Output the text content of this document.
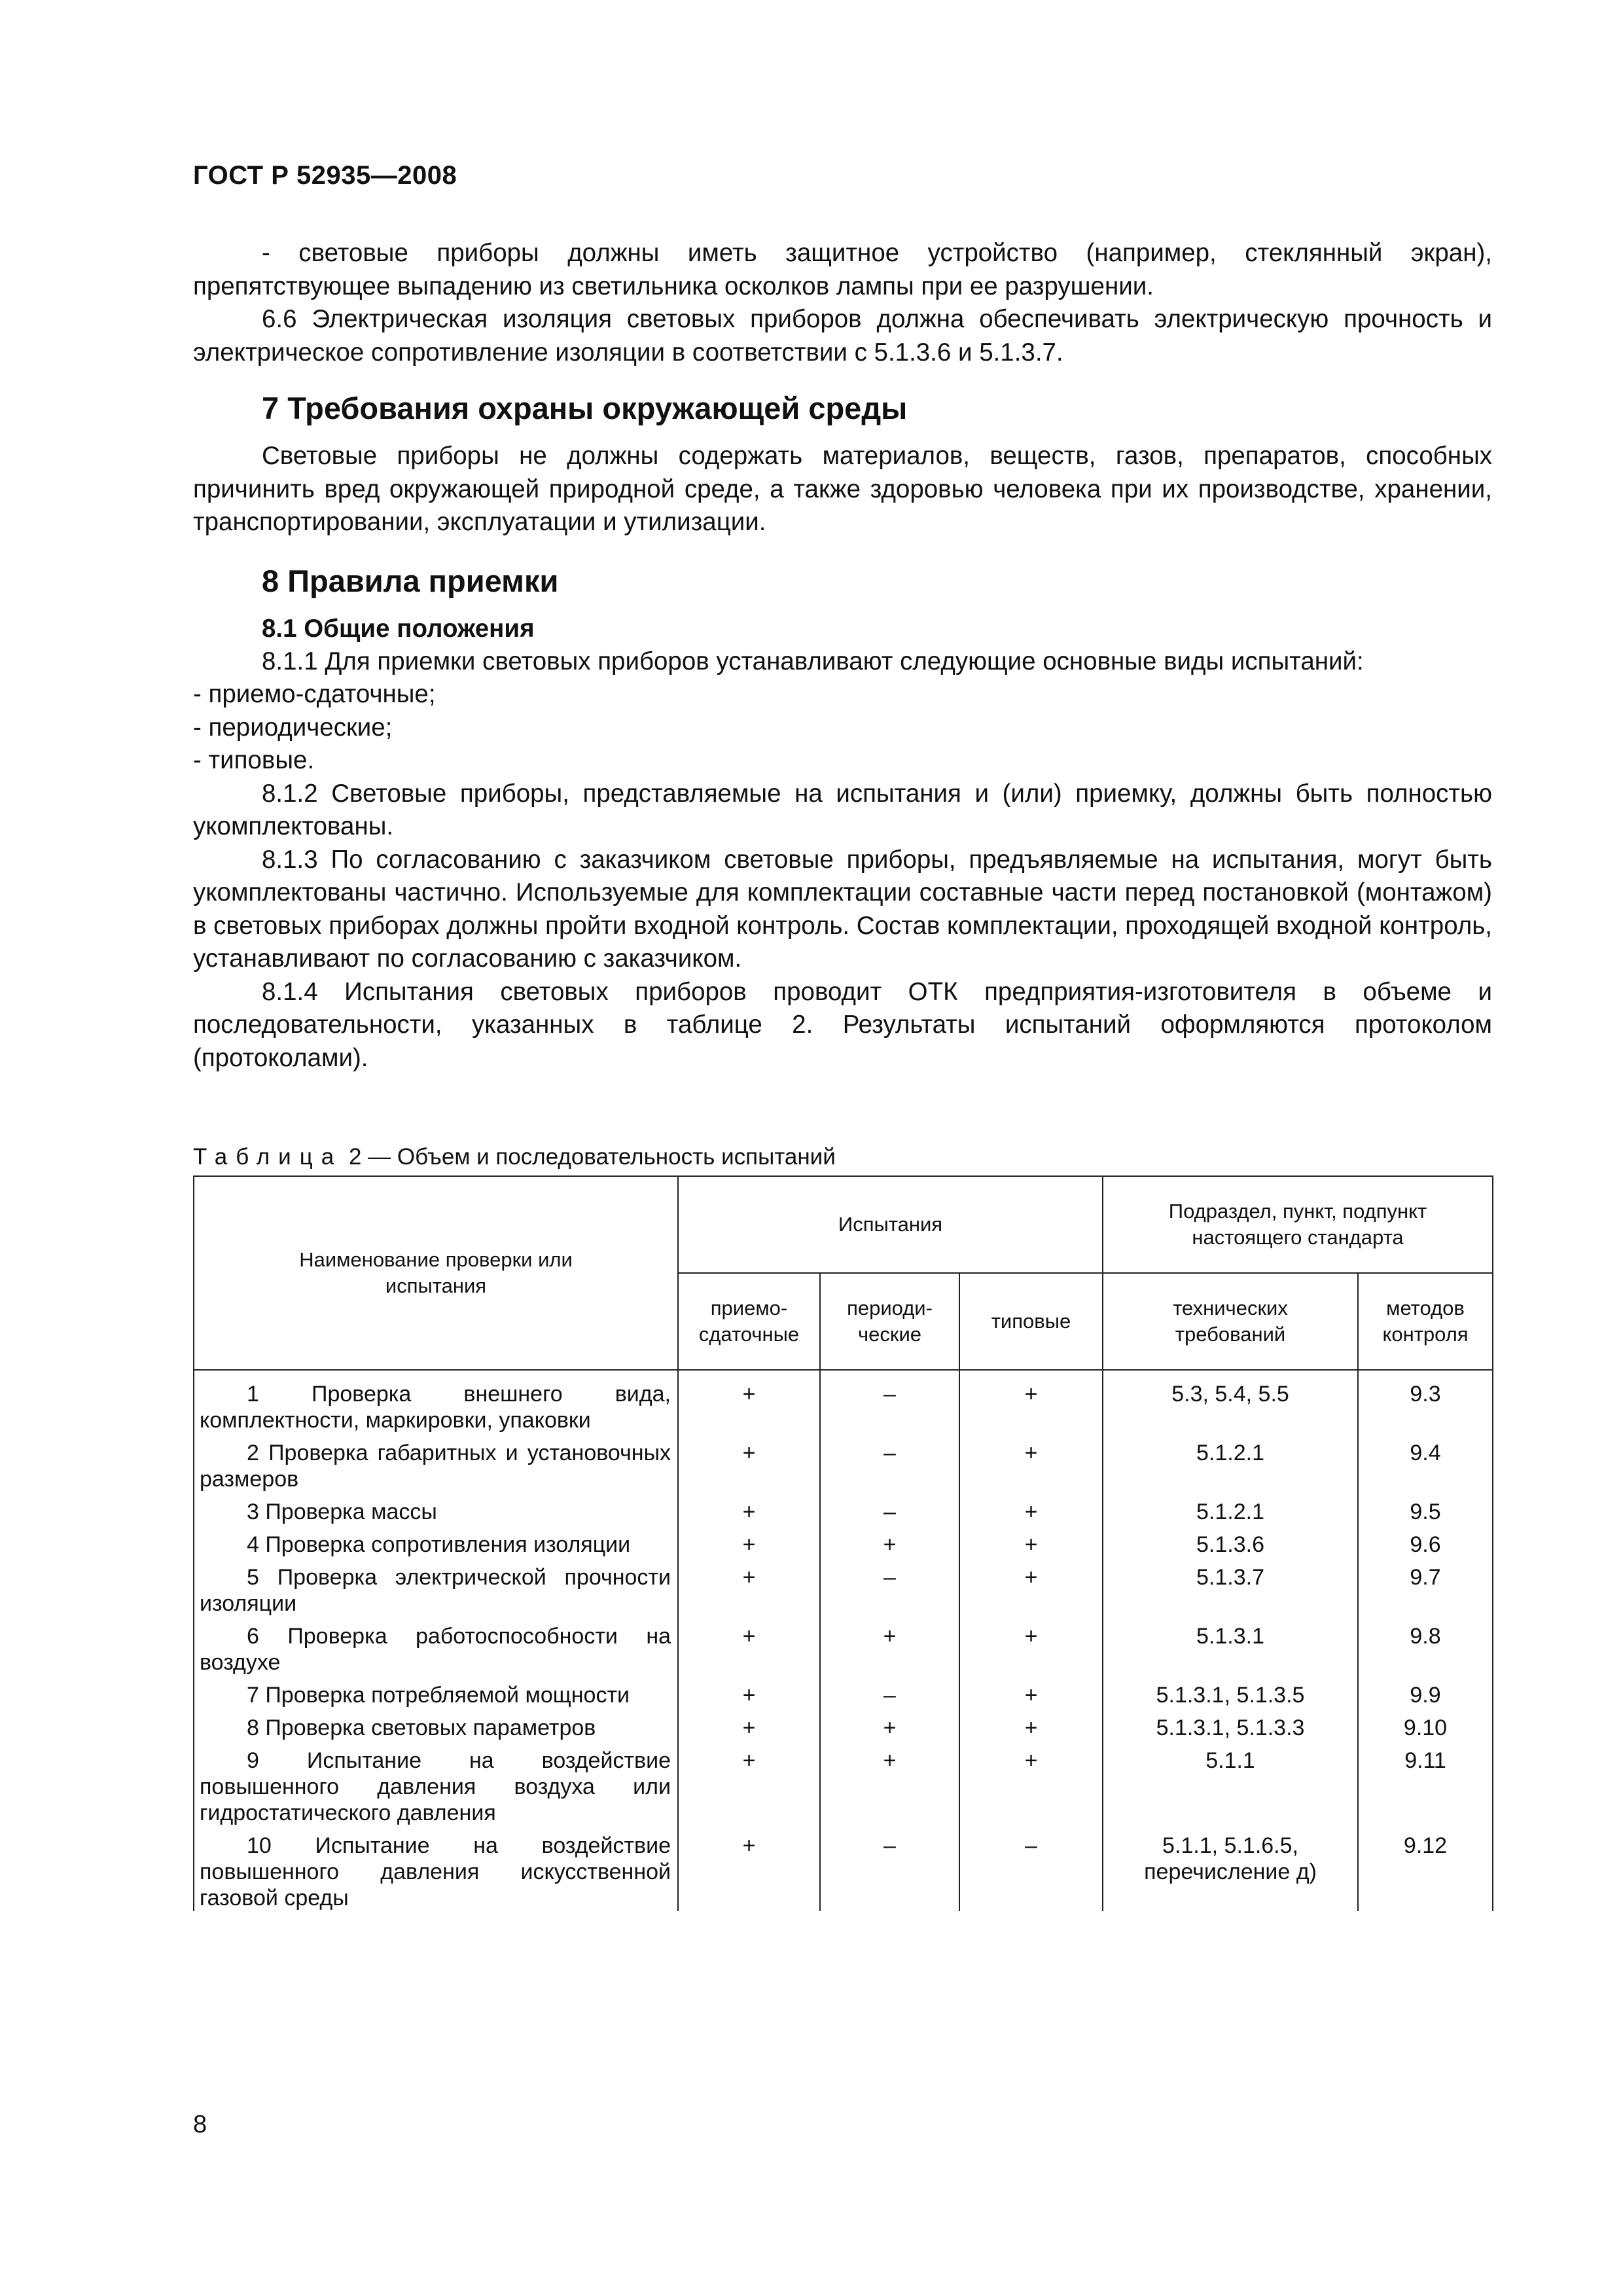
ГОСТ Р 52935—2008

- световые приборы должны иметь защитное устройство (например, стеклянный экран), препятствующее выпадению из светильника осколков лампы при ее разрушении.

6.6 Электрическая изоляция световых приборов должна обеспечивать электрическую прочность и электрическое сопротивление изоляции в соответствии с 5.1.3.6 и 5.1.3.7.

7 Требования охраны окружающей среды

Световые приборы не должны содержать материалов, веществ, газов, препаратов, способных причинить вред окружающей природной среде, а также здоровью человека при их производстве, хранении, транспортировании, эксплуатации и утилизации.

8 Правила приемки

8.1 Общие положения

8.1.1 Для приемки световых приборов устанавливают следующие основные виды испытаний:

- приемо-сдаточные;

- периодические;

- типовые.

8.1.2 Световые приборы, представляемые на испытания и (или) приемку, должны быть полностью укомплектованы.

8.1.3 По согласованию с заказчиком световые приборы, предъявляемые на испытания, могут быть укомплектованы частично. Используемые для комплектации составные части перед постановкой (монтажом) в световых приборах должны пройти входной контроль. Состав комплектации, проходящей входной контроль, устанавливают по согласованию с заказчиком.

8.1.4 Испытания световых приборов проводит ОТК предприятия-изготовителя в объеме и последовательности, указанных в таблице 2. Результаты испытаний оформляются протоколом (протоколами).

Таблица 2 — Объем и последовательность испытаний
Наименование проверки или испытания	Испытания			Подраздел, пункт, подпункт настоящего стандарта	
	приемо-сдаточные	периоди-ческие	типовые	технических требований	методов контроля
1 Проверка внешнего вида, комплектности, маркировки, упаковки	+	–	+	5.3, 5.4, 5.5	9.3
2 Проверка габаритных и установочных размеров	+	–	+	5.1.2.1	9.4
3 Проверка массы	+	–	+	5.1.2.1	9.5
4 Проверка сопротивления изоляции	+	+	+	5.1.3.6	9.6
5 Проверка электрической прочности изоляции	+	–	+	5.1.3.7	9.7
6 Проверка работоспособности на воздухе	+	+	+	5.1.3.1	9.8
7 Проверка потребляемой мощности	+	–	+	5.1.3.1, 5.1.3.5	9.9
8 Проверка световых параметров	+	+	+	5.1.3.1, 5.1.3.3	9.10
9 Испытание на воздействие повышенного давления воздуха или гидростатического давления	+	+	+	5.1.1	9.11
10 Испытание на воздействие повышенного давления искусственной газовой среды	+	–	–	5.1.1, 5.1.6.5, перечисление д)	9.12
8
